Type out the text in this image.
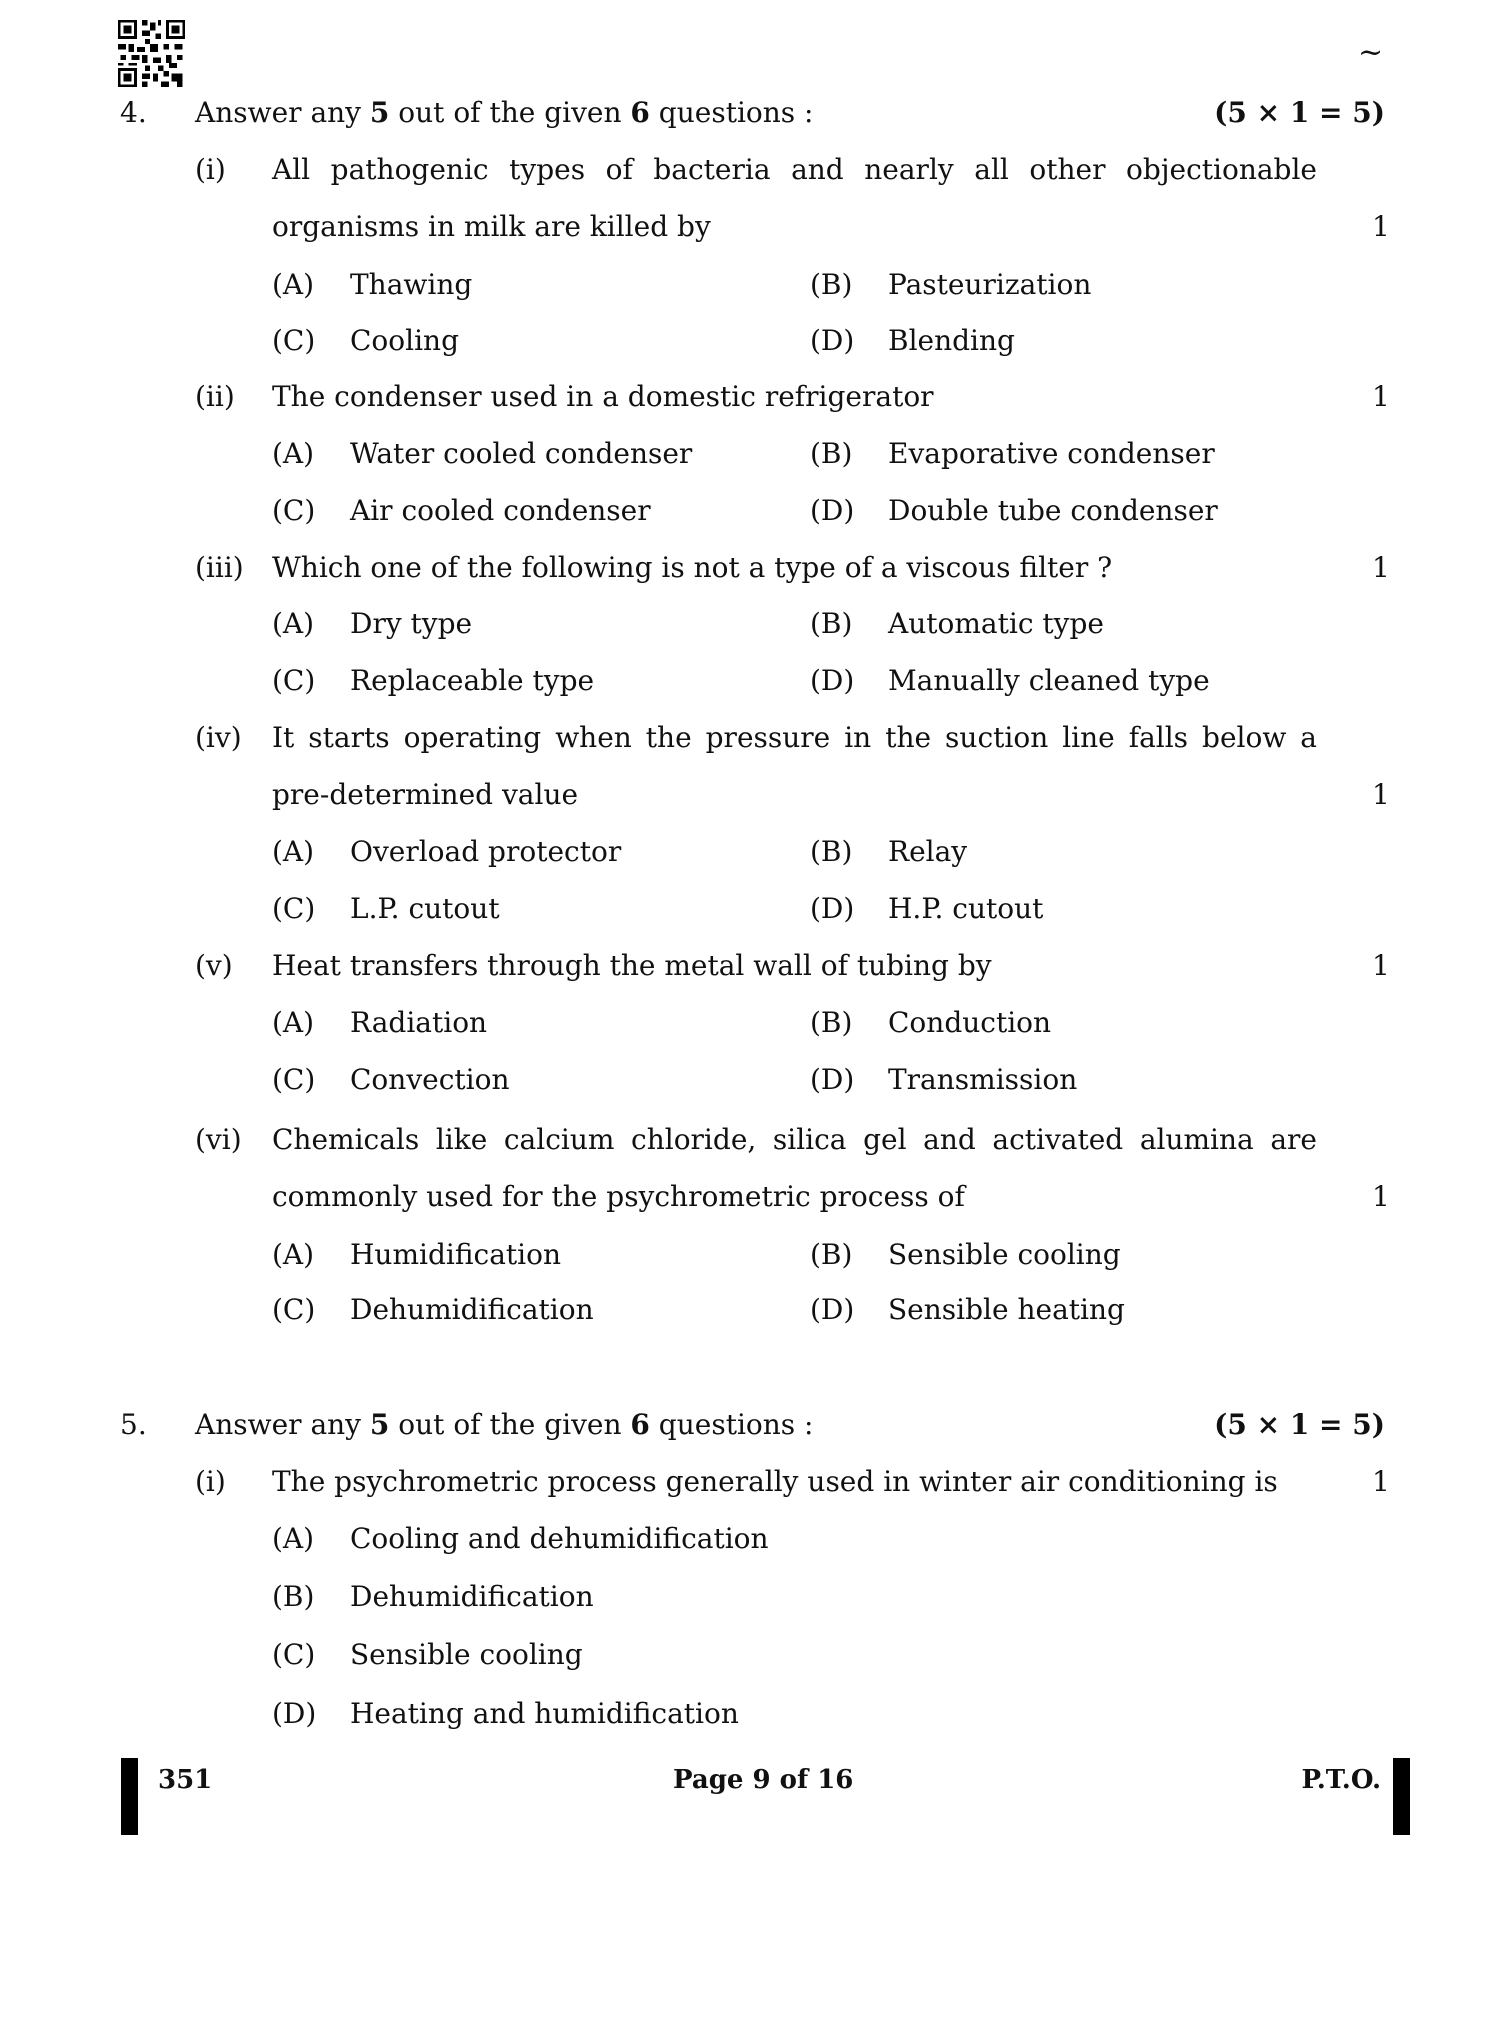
~
4. Answer any 5 out of the given 6 questions :	(5 × 1 = 5)
(i) All pathogenic types of bacteria and nearly all other objectionable
organisms in milk are killed by	1
(A) Thawing	(B) Pasteurization
(C) Cooling	(D) Blending
(ii) The condenser used in a domestic refrigerator	1
(A) Water cooled condenser	(B) Evaporative condenser
(C) Air cooled condenser	(D) Double tube condenser
(iii) Which one of the following is not a type of a viscous filter ?	1
(A) Dry type	(B) Automatic type
(C) Replaceable type	(D) Manually cleaned type
(iv) It starts operating when the pressure in the suction line falls below a
pre-determined value	1
(A) Overload protector	(B) Relay
(C) L.P. cutout	(D) H.P. cutout
(v) Heat transfers through the metal wall of tubing by	1
(A) Radiation	(B) Conduction
(C) Convection	(D) Transmission
(vi) Chemicals like calcium chloride, silica gel and activated alumina are
commonly used for the psychrometric process of	1
(A) Humidification	(B) Sensible cooling
(C) Dehumidification	(D) Sensible heating
5. Answer any 5 out of the given 6 questions :	(5 × 1 = 5)
(i) The psychrometric process generally used in winter air conditioning is	1
(A) Cooling and dehumidification
(B) Dehumidification
(C) Sensible cooling
(D) Heating and humidification
351	Page 9 of 16	P.T.O.
